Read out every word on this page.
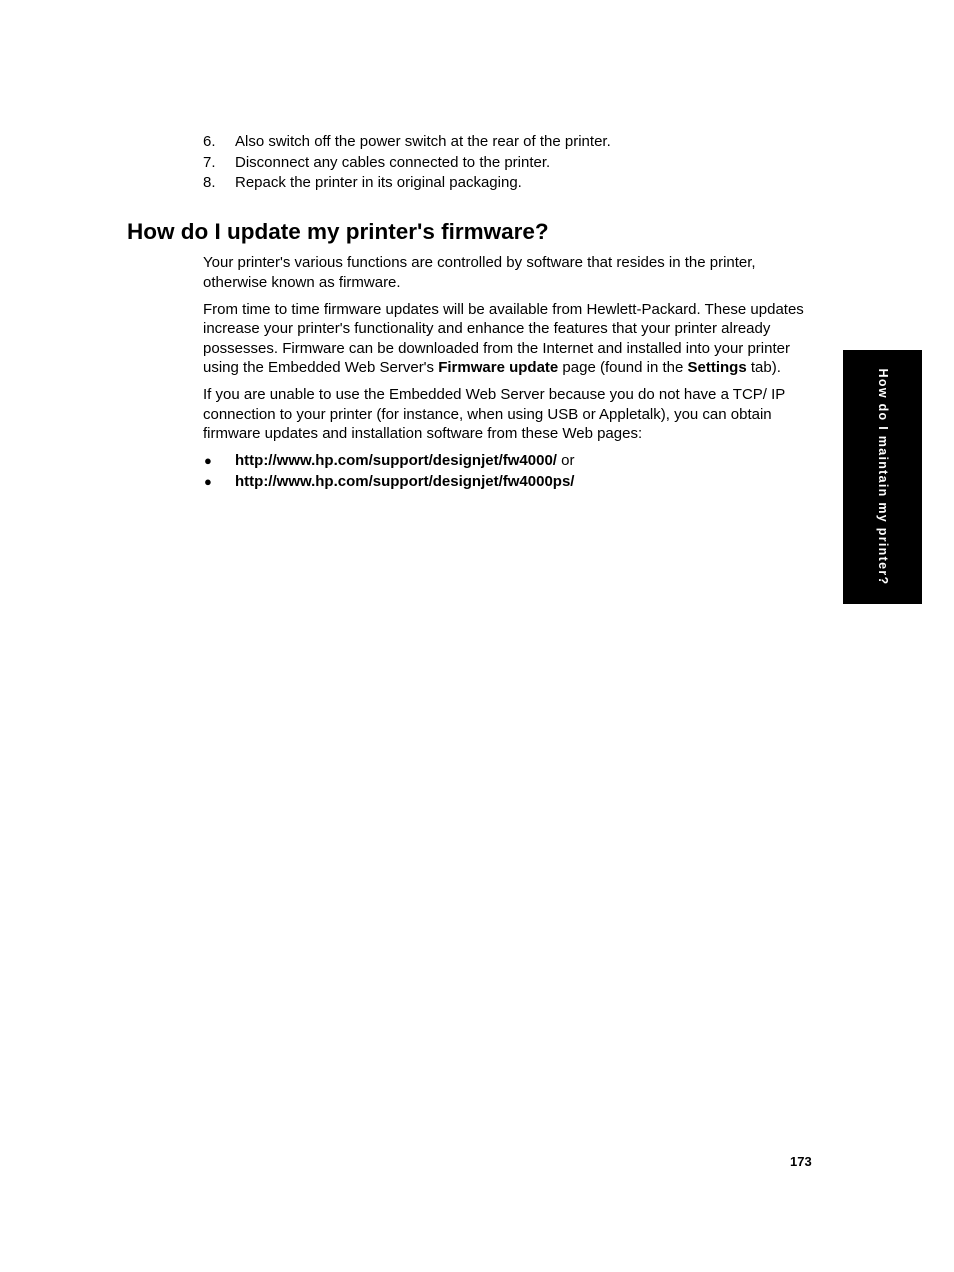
6. Also switch off the power switch at the rear of the printer.
7. Disconnect any cables connected to the printer.
8. Repack the printer in its original packaging.
How do I update my printer's firmware?

Your printer's various functions are controlled by software that resides in the printer, otherwise known as firmware.

From time to time firmware updates will be available from Hewlett-Packard. These updates increase your printer's functionality and enhance the features that your printer already possesses. Firmware can be downloaded from the Internet and installed into your printer using the Embedded Web Server's Firmware update page (found in the Settings tab).

If you are unable to use the Embedded Web Server because you do not have a TCP/ IP connection to your printer (for instance, when using USB or Appletalk), you can obtain firmware updates and installation software from these Web pages:

● http://www.hp.com/support/designjet/fw4000/ or
● http://www.hp.com/support/designjet/fw4000ps/	How do I maintain my printer?
173
